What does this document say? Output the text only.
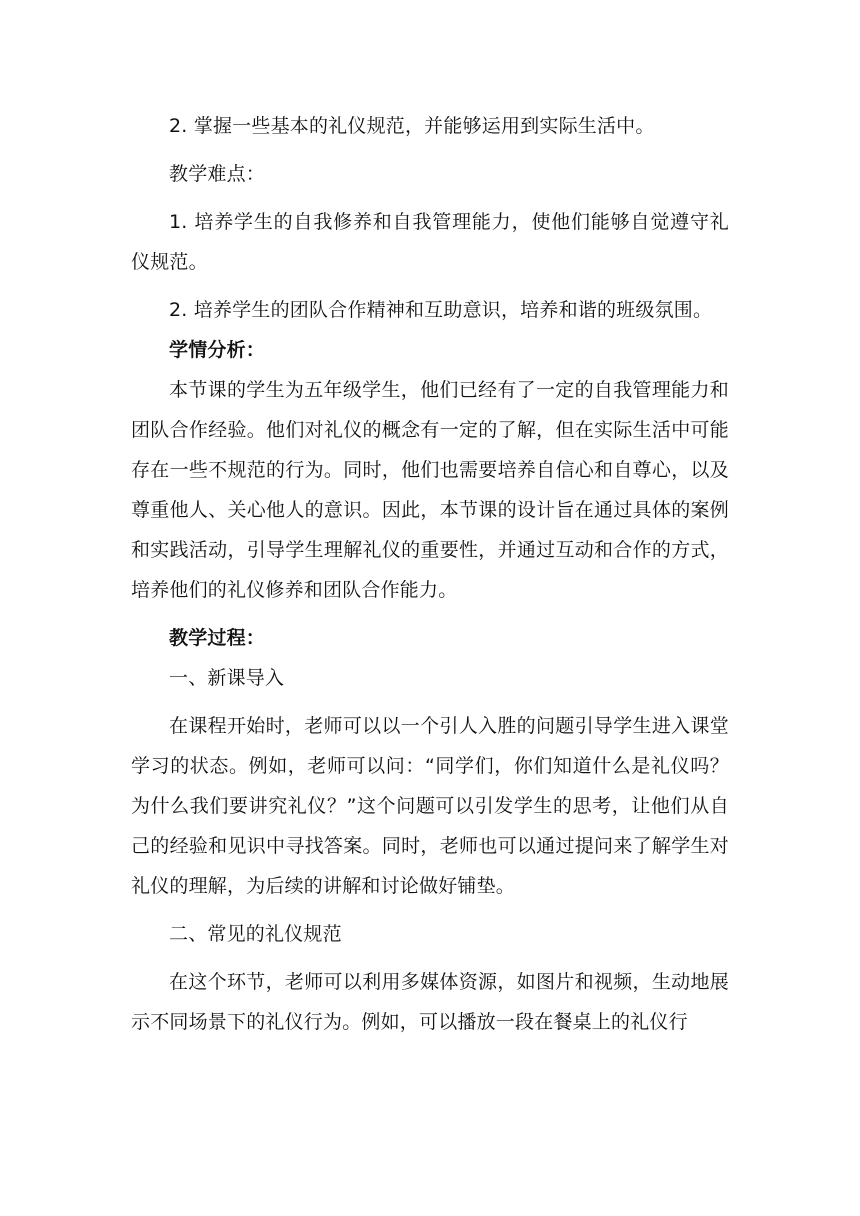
2. 掌握一些基本的礼仪规范，并能够运用到实际生活中。

教学难点：

1. 培养学生的自我修养和自我管理能力，使他们能够自觉遵守礼仪规范。

2. 培养学生的团队合作精神和互助意识，培养和谐的班级氛围。

学情分析：

本节课的学生为五年级学生，他们已经有了一定的自我管理能力和团队合作经验。他们对礼仪的概念有一定的了解，但在实际生活中可能存在一些不规范的行为。同时，他们也需要培养自信心和自尊心，以及尊重他人、关心他人的意识。因此，本节课的设计旨在通过具体的案例和实践活动，引导学生理解礼仪的重要性，并通过互动和合作的方式，培养他们的礼仪修养和团队合作能力。

教学过程：

一、新课导入

在课程开始时，老师可以以一个引人入胜的问题引导学生进入课堂学习的状态。例如，老师可以问：“同学们，你们知道什么是礼仪吗？为什么我们要讲究礼仪？”这个问题可以引发学生的思考，让他们从自己的经验和见识中寻找答案。同时，老师也可以通过提问来了解学生对礼仪的理解，为后续的讲解和讨论做好铺垫。

二、常见的礼仪规范

在这个环节，老师可以利用多媒体资源，如图片和视频，生动地展示不同场景下的礼仪行为。例如，可以播放一段在餐桌上的礼仪行
